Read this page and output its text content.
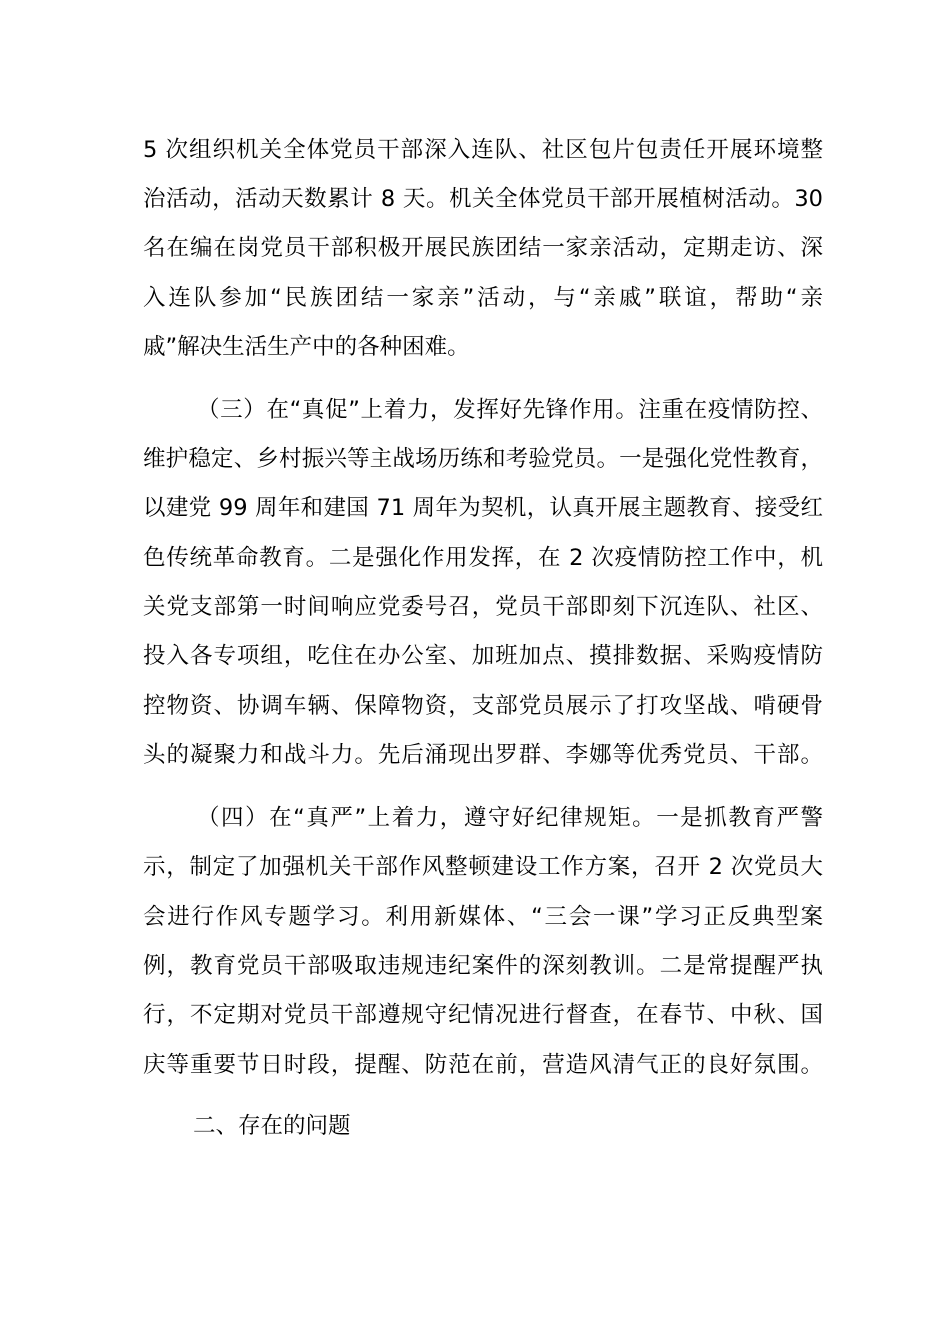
5 次组织机关全体党员干部深入连队、社区包片包责任开展环境整
治活动，活动天数累计 8 天。机关全体党员干部开展植树活动。30
名在编在岗党员干部积极开展民族团结一家亲活动，定期走访、深
入连队参加“民族团结一家亲”活动，与“亲戚”联谊，帮助“亲
戚”解决生活生产中的各种困难。
（三）在“真促”上着力，发挥好先锋作用。注重在疫情防控、
维护稳定、乡村振兴等主战场历练和考验党员。一是强化党性教育，
以建党 99 周年和建国 71 周年为契机，认真开展主题教育、接受红
色传统革命教育。二是强化作用发挥，在 2 次疫情防控工作中，机
关党支部第一时间响应党委号召，党员干部即刻下沉连队、社区、
投入各专项组，吃住在办公室、加班加点、摸排数据、采购疫情防
控物资、协调车辆、保障物资，支部党员展示了打攻坚战、啃硬骨
头的凝聚力和战斗力。先后涌现出罗群、李娜等优秀党员、干部。
（四）在“真严”上着力，遵守好纪律规矩。一是抓教育严警
示，制定了加强机关干部作风整顿建设工作方案，召开 2 次党员大
会进行作风专题学习。利用新媒体、“三会一课”学习正反典型案
例，教育党员干部吸取违规违纪案件的深刻教训。二是常提醒严执
行，不定期对党员干部遵规守纪情况进行督查，在春节、中秋、国
庆等重要节日时段，提醒、防范在前，营造风清气正的良好氛围。
二、存在的问题
